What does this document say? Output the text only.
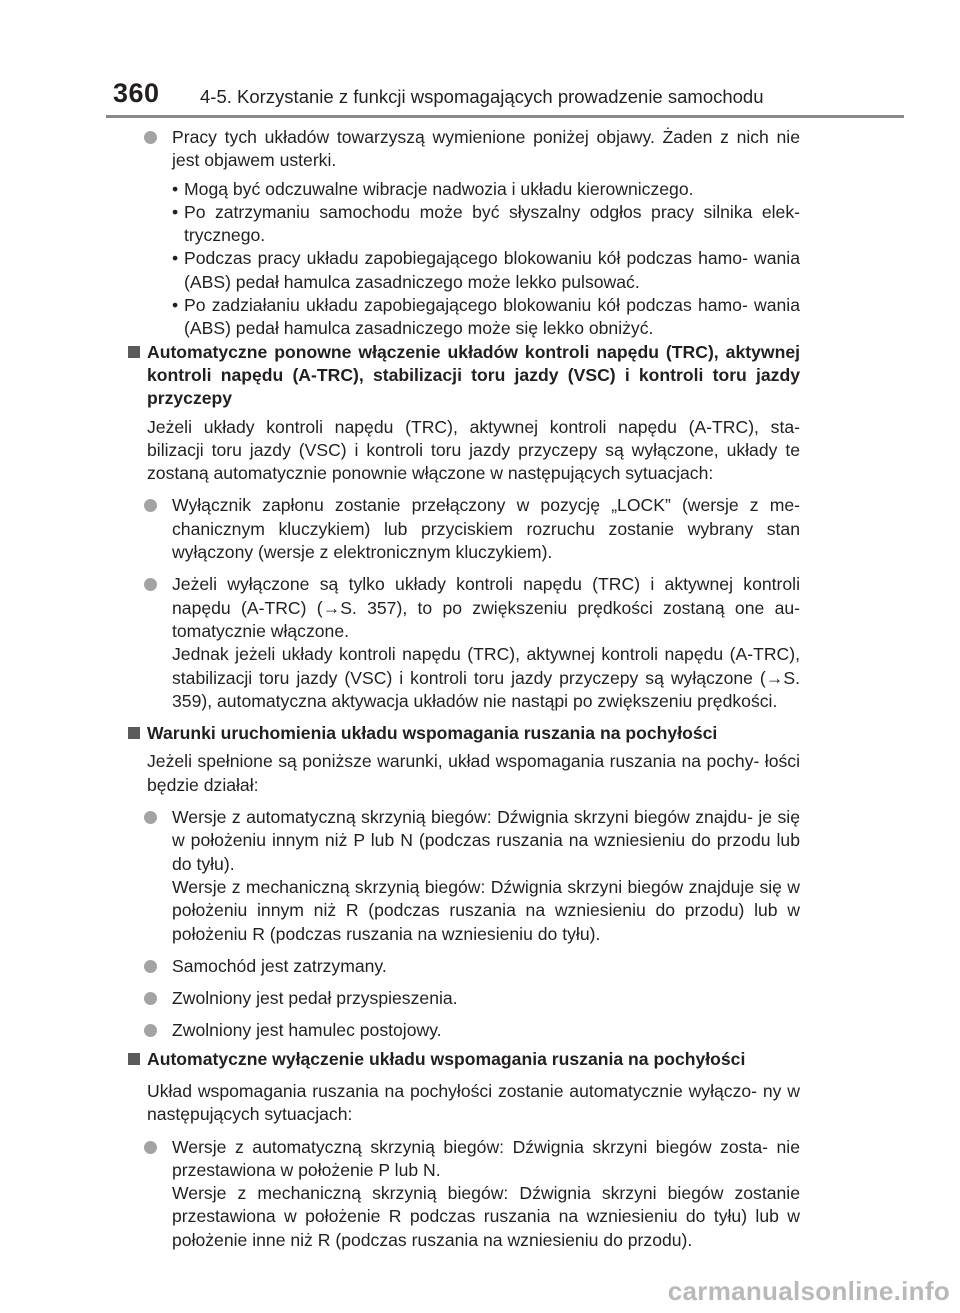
360 4-5. Korzystanie z funkcji wspomagających prowadzenie samochodu

Pracy tych układów towarzyszą wymienione poniżej objawy. Żaden z nich nie jest objawem usterki.

• Mogą być odczuwalne wibracje nadwozia i układu kierowniczego.

• Po zatrzymaniu samochodu może być słyszalny odgłos pracy silnika elek- trycznego.

• Podczas pracy układu zapobiegającego blokowaniu kół podczas hamo- wania (ABS) pedał hamulca zasadniczego może lekko pulsować.

• Po zadziałaniu układu zapobiegającego blokowaniu kół podczas hamo- wania (ABS) pedał hamulca zasadniczego może się lekko obniżyć.

Automatyczne ponowne włączenie układów kontroli napędu (TRC), aktywnej kontroli napędu (A-TRC), stabilizacji toru jazdy (VSC) i kontroli toru jazdy przyczepy

Jeżeli układy kontroli napędu (TRC), aktywnej kontroli napędu (A-TRC), sta- bilizacji toru jazdy (VSC) i kontroli toru jazdy przyczepy są wyłączone, układy te zostaną automatycznie ponownie włączone w następujących sytuacjach:

Wyłącznik zapłonu zostanie przełączony w pozycję „LOCK” (wersje z me- chanicznym kluczykiem) lub przyciskiem rozruchu zostanie wybrany stan wyłączony (wersje z elektronicznym kluczykiem).

Jeżeli wyłączone są tylko układy kontroli napędu (TRC) i aktywnej kontroli napędu (A-TRC) (→S. 357), to po zwiększeniu prędkości zostaną one au- tomatycznie włączone.

Jednak jeżeli układy kontroli napędu (TRC), aktywnej kontroli napędu (A-TRC), stabilizacji toru jazdy (VSC) i kontroli toru jazdy przyczepy są wyłączone (→S. 359), automatyczna aktywacja układów nie nastąpi po zwiększeniu prędkości.

Warunki uruchomienia układu wspomagania ruszania na pochyłości

Jeżeli spełnione są poniższe warunki, układ wspomagania ruszania na pochy- łości będzie działał:

Wersje z automatyczną skrzynią biegów: Dźwignia skrzyni biegów znajdu- je się w położeniu innym niż P lub N (podczas ruszania na wzniesieniu do przodu lub do tyłu).

Wersje z mechaniczną skrzynią biegów: Dźwignia skrzyni biegów znajduje się w położeniu innym niż R (podczas ruszania na wzniesieniu do przodu) lub w położeniu R (podczas ruszania na wzniesieniu do tyłu).

Samochód jest zatrzymany.

Zwolniony jest pedał przyspieszenia.

Zwolniony jest hamulec postojowy.

Automatyczne wyłączenie układu wspomagania ruszania na pochyłości

Układ wspomagania ruszania na pochyłości zostanie automatycznie wyłączo- ny w następujących sytuacjach:

Wersje z automatyczną skrzynią biegów: Dźwignia skrzyni biegów zosta- nie przestawiona w położenie P lub N.

Wersje z mechaniczną skrzynią biegów: Dźwignia skrzyni biegów zostanie przestawiona w położenie R podczas ruszania na wzniesieniu do tyłu) lub w położenie inne niż R (podczas ruszania na wzniesieniu do przodu).

carmanualsonline.info
